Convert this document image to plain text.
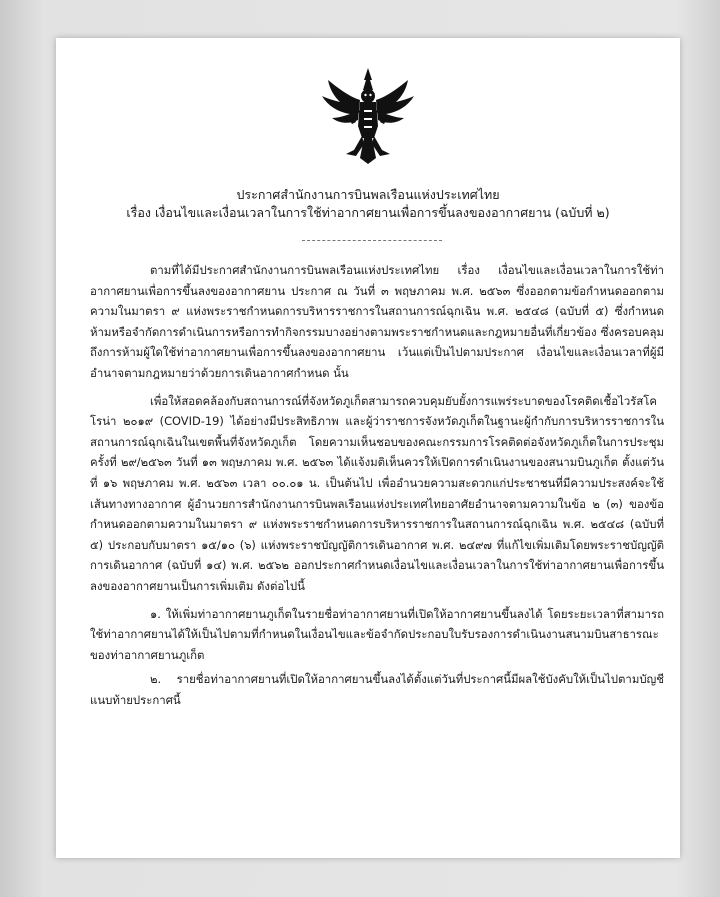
ประกาศสำนักงานการบินพลเรือนแห่งประเทศไทย
เรื่อง เงื่อนไขและเงื่อนเวลาในการใช้ท่าอากาศยานเพื่อการขึ้นลงของอากาศยาน (ฉบับที่ ๒)

ตามที่ได้มีประกาศสำนักงานการบินพลเรือนแห่งประเทศไทย เรื่อง เงื่อนไขและเงื่อนเวลาในการใช้ท่าอากาศยานเพื่อการขึ้นลงของอากาศยาน ประกาศ ณ วันที่ ๓ พฤษภาคม พ.ศ. ๒๕๖๓ ซึ่งออกตามข้อกำหนดออกตามความในมาตรา ๙ แห่งพระราชกำหนดการบริหารราชการในสถานการณ์ฉุกเฉิน พ.ศ. ๒๕๔๘ (ฉบับที่ ๕) ซึ่งกำหนดห้ามหรือจำกัดการดำเนินการหรือการทำกิจกรรมบางอย่างตามพระราชกำหนดและกฎหมายอื่นที่เกี่ยวข้อง ซึ่งครอบคลุมถึงการห้ามผู้ใดใช้ท่าอากาศยานเพื่อการขึ้นลงของอากาศยาน เว้นแต่เป็นไปตามประกาศ เงื่อนไขและเงื่อนเวลาที่ผู้มีอำนาจตามกฎหมายว่าด้วยการเดินอากาศกำหนด นั้น

เพื่อให้สอดคล้องกับสถานการณ์ที่จังหวัดภูเก็ตสามารถควบคุมยับยั้งการแพร่ระบาดของโรคติดเชื้อไวรัสโคโรน่า ๒๐๑๙ (COVID-19) ได้อย่างมีประสิทธิภาพ และผู้ว่าราชการจังหวัดภูเก็ตในฐานะผู้กำกับการบริหารราชการในสถานการณ์ฉุกเฉินในเขตพื้นที่จังหวัดภูเก็ต โดยความเห็นชอบของคณะกรรมการโรคติดต่อจังหวัดภูเก็ตในการประชุมครั้งที่ ๒๙/๒๕๖๓ วันที่ ๑๓ พฤษภาคม พ.ศ. ๒๕๖๓ ได้แจ้งมติเห็นควรให้เปิดการดำเนินงานของสนามบินภูเก็ต ตั้งแต่วันที่ ๑๖ พฤษภาคม พ.ศ. ๒๕๖๓ เวลา ๐๐.๐๑ น. เป็นต้นไป เพื่ออำนวยความสะดวกแก่ประชาชนที่มีความประสงค์จะใช้เส้นทางทางอากาศ ผู้อำนวยการสำนักงานการบินพลเรือนแห่งประเทศไทยอาศัยอำนาจตามความในข้อ ๒ (๓) ของข้อกำหนดออกตามความในมาตรา ๙ แห่งพระราชกำหนดการบริหารราชการในสถานการณ์ฉุกเฉิน พ.ศ. ๒๕๔๘ (ฉบับที่ ๕) ประกอบกับมาตรา ๑๕/๑๐ (๖) แห่งพระราชบัญญัติการเดินอากาศ พ.ศ. ๒๔๙๗ ที่แก้ไขเพิ่มเติมโดยพระราชบัญญัติการเดินอากาศ (ฉบับที่ ๑๔) พ.ศ. ๒๕๖๒ ออกประกาศกำหนดเงื่อนไขและเงื่อนเวลาในการใช้ท่าอากาศยานเพื่อการขึ้นลงของอากาศยานเป็นการเพิ่มเติม ดังต่อไปนี้

๑. ให้เพิ่มท่าอากาศยานภูเก็ตในรายชื่อท่าอากาศยานที่เปิดให้อากาศยานขึ้นลงได้ โดยระยะเวลาที่สามารถใช้ท่าอากาศยานได้ให้เป็นไปตามที่กำหนดในเงื่อนไขและข้อจำกัดประกอบใบรับรองการดำเนินงานสนามบินสาธารณะของท่าอากาศยานภูเก็ต

๒. รายชื่อท่าอากาศยานที่เปิดให้อากาศยานขึ้นลงได้ตั้งแต่วันที่ประกาศนี้มีผลใช้บังคับให้เป็นไปตามบัญชีแนบท้ายประกาศนี้
